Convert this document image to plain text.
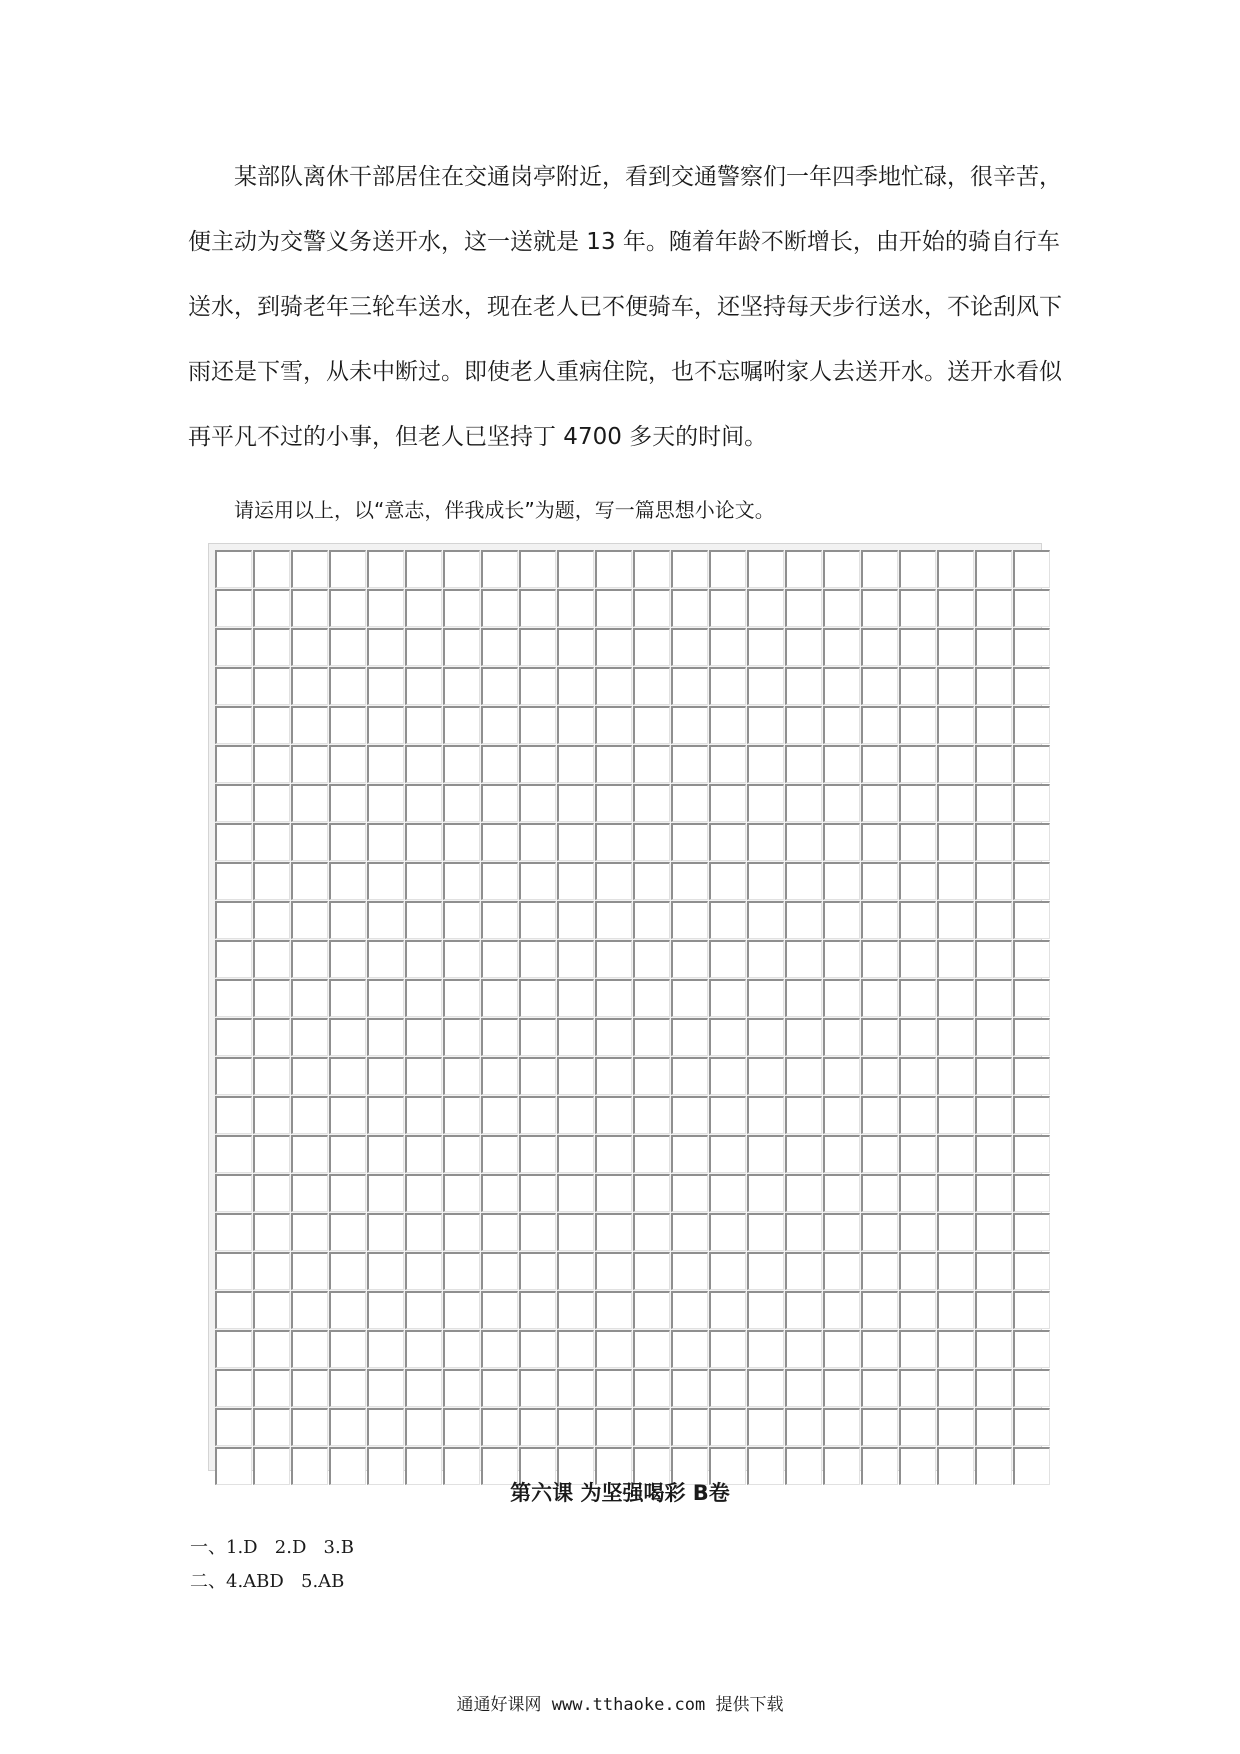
某部队离休干部居住在交通岗亭附近，看到交通警察们一年四季地忙碌，很辛苦，
便主动为交警义务送开水，这一送就是 13 年。随着年龄不断增长，由开始的骑自行车
送水，到骑老年三轮车送水，现在老人已不便骑车，还坚持每天步行送水，不论刮风下
雨还是下雪，从未中断过。即使老人重病住院，也不忘嘱咐家人去送开水。送开水看似
再平凡不过的小事，但老人已坚持丁 4700 多天的时间。
请运用以上，以“意志，伴我成长”为题，写一篇思想小论文。
第六课 为坚强喝彩 B卷
一、1.D   2.D   3.B
二、4.ABD   5.AB
通通好课网 www.tthaoke.com 提供下载
